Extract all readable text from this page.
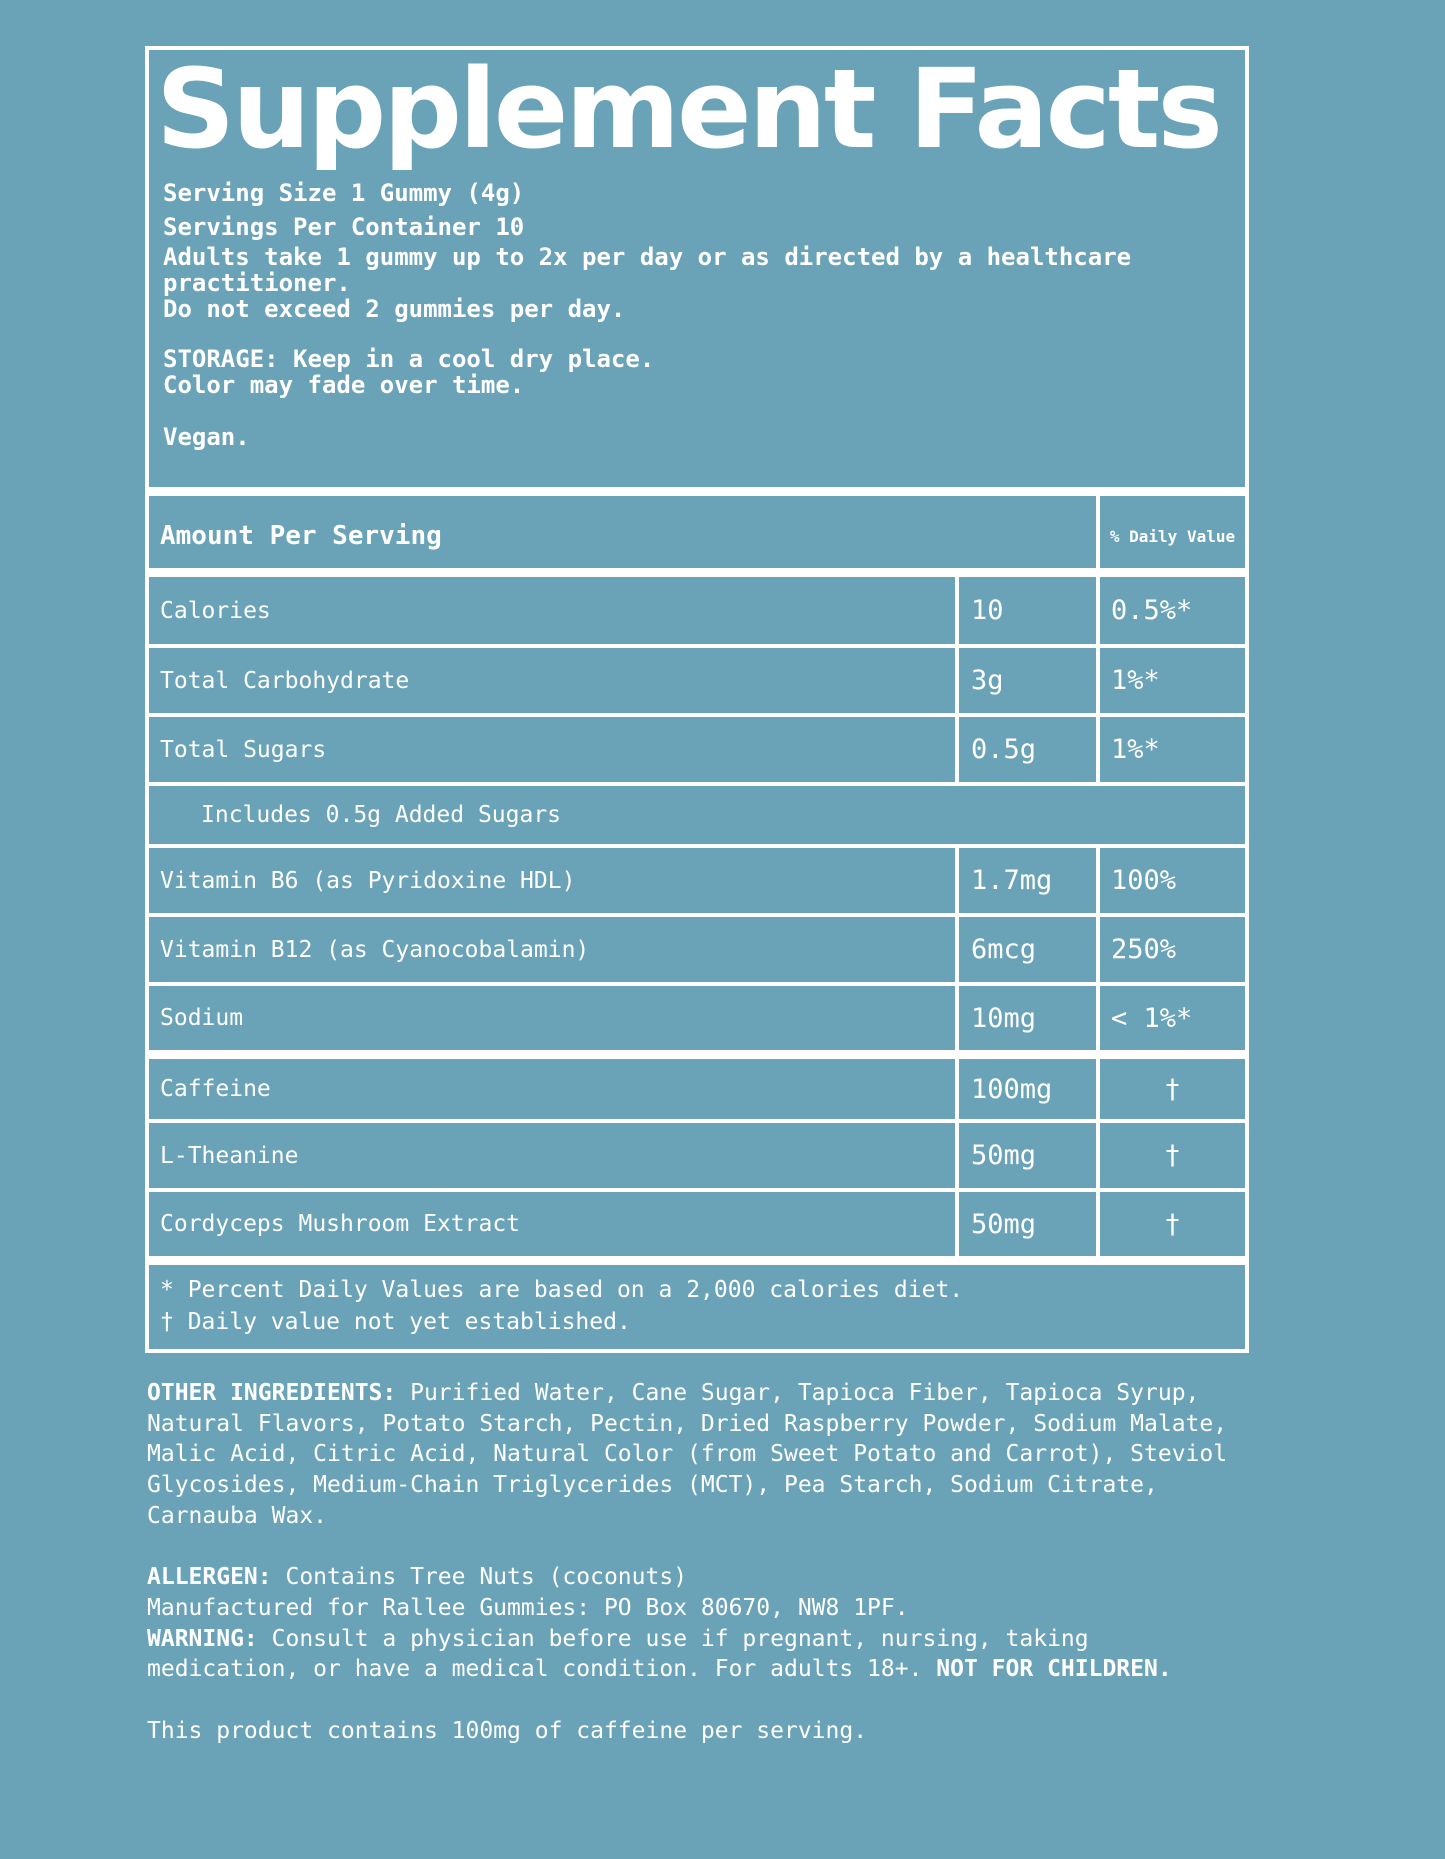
Supplement Facts
Serving Size 1 Gummy (4g)
Servings Per Container 10
Adults take 1 gummy up to 2x per day or as directed by a healthcare
practitioner.
Do not exceed 2 gummies per day.
STORAGE: Keep in a cool dry place.
Color may fade over time.
Vegan.
Amount Per Serving	% Daily Value
Calories	10	0.5%*
Total Carbohydrate	3g	1%*
Total Sugars	0.5g	1%*
Includes 0.5g Added Sugars
Vitamin B6 (as Pyridoxine HDL)	1.7mg 100%
Vitamin B12 (as Cyanocobalamin)	6mcg	250%
Sodium	10mg	< 1%*
Caffeine	100mg	†
L-Theanine	50mg	†
Cordyceps Mushroom Extract	50mg	†
* Percent Daily Values are based on a 2,000 calories diet.
† Daily value not yet established.
OTHER INGREDIENTS: Purified Water, Cane Sugar, Tapioca Fiber, Tapioca Syrup,
Natural Flavors, Potato Starch, Pectin, Dried Raspberry Powder, Sodium Malate,
Malic Acid, Citric Acid, Natural Color (from Sweet Potato and Carrot), Steviol
Glycosides, Medium-Chain Triglycerides (MCT), Pea Starch, Sodium Citrate,
Carnauba Wax.
ALLERGEN: Contains Tree Nuts (coconuts)
Manufactured for Rallee Gummies: PO Box 80670, NW8 1PF.
WARNING: Consult a physician before use if pregnant, nursing, taking
medication, or have a medical condition. For adults 18+. NOT FOR CHILDREN.
This product contains 100mg of caffeine per serving.
